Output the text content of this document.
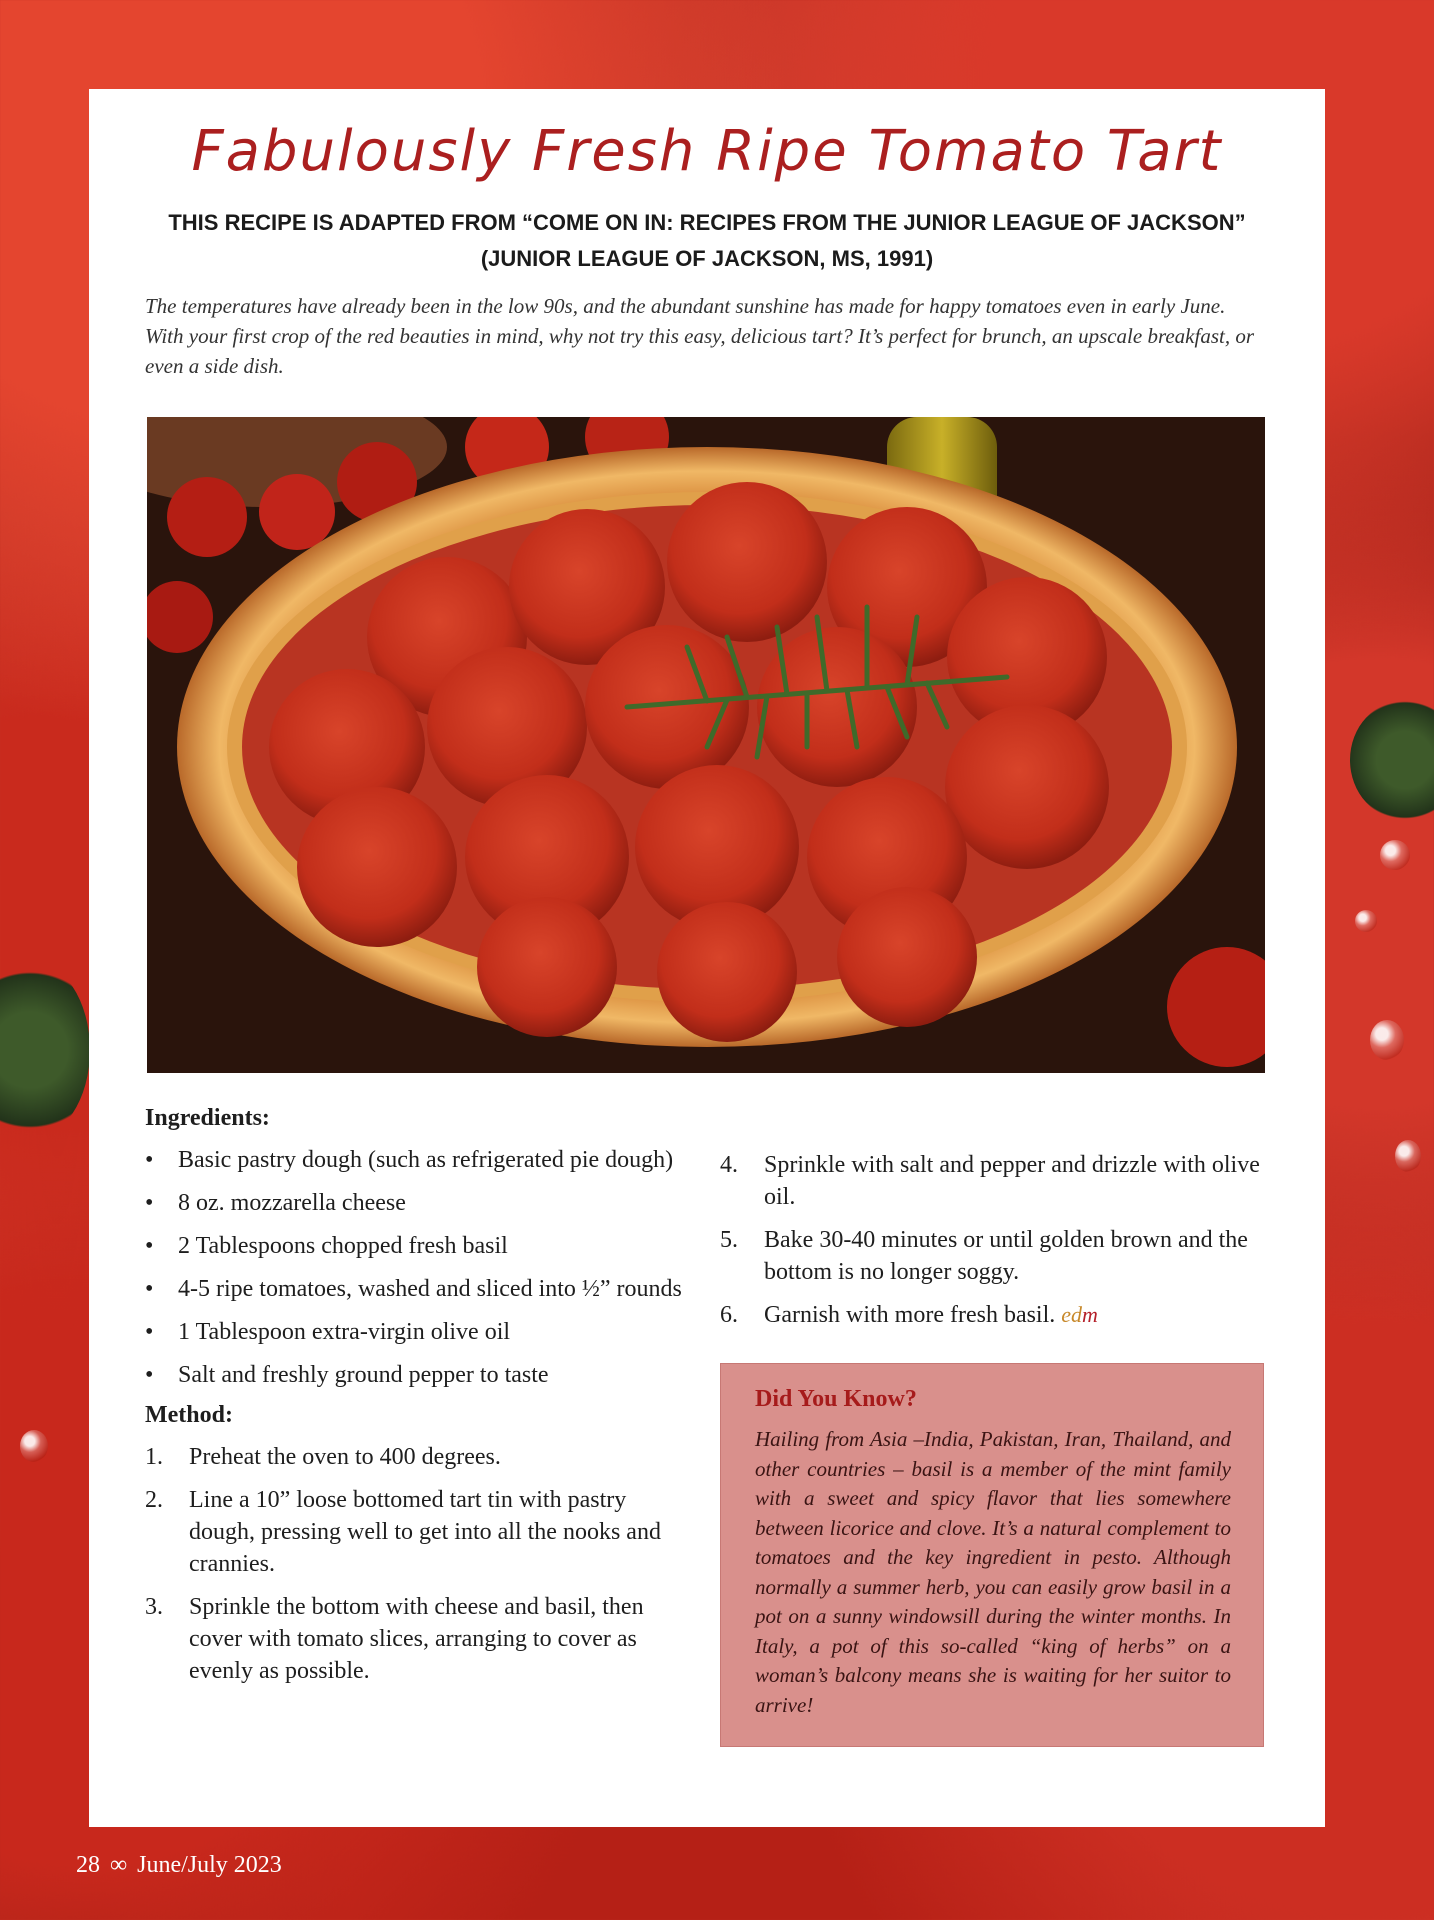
Fabulously Fresh Ripe Tomato Tart
THIS RECIPE IS ADAPTED FROM “COME ON IN: RECIPES FROM THE JUNIOR LEAGUE OF JACKSON”
(JUNIOR LEAGUE OF JACKSON, MS, 1991)
The temperatures have already been in the low 90s, and the abundant sunshine has made for happy tomatoes even in early June. With your first crop of the red beauties in mind, why not try this easy, delicious tart? It’s perfect for brunch, an upscale breakfast, or even a side dish.
Ingredients:
• Basic pastry dough (such as refrigerated pie dough)
• 8 oz. mozzarella cheese
• 2 Tablespoons chopped fresh basil
• 4-5 ripe tomatoes, washed and sliced into ½” rounds
• 1 Tablespoon extra-virgin olive oil
• Salt and freshly ground pepper to taste
Method:
1. Preheat the oven to 400 degrees.
2. Line a 10” loose bottomed tart tin with pastry dough, pressing well to get into all the nooks and crannies.
3. Sprinkle the bottom with cheese and basil, then cover with tomato slices, arranging to cover as evenly as possible.
4. Sprinkle with salt and pepper and drizzle with olive oil.
5. Bake 30-40 minutes or until golden brown and the bottom is no longer soggy.
6. Garnish with more fresh basil. edm
Did You Know?
Hailing from Asia –India, Pakistan, Iran, Thailand, and other countries – basil is a member of the mint family with a sweet and spicy flavor that lies somewhere between licorice and clove. It’s a natural complement to tomatoes and the key ingredient in pesto. Although normally a summer herb, you can easily grow basil in a pot on a sunny windowsill during the winter months. In Italy, a pot of this so-called “king of herbs” on a woman’s balcony means she is waiting for her suitor to arrive!
28 ∞ June/July 2023
